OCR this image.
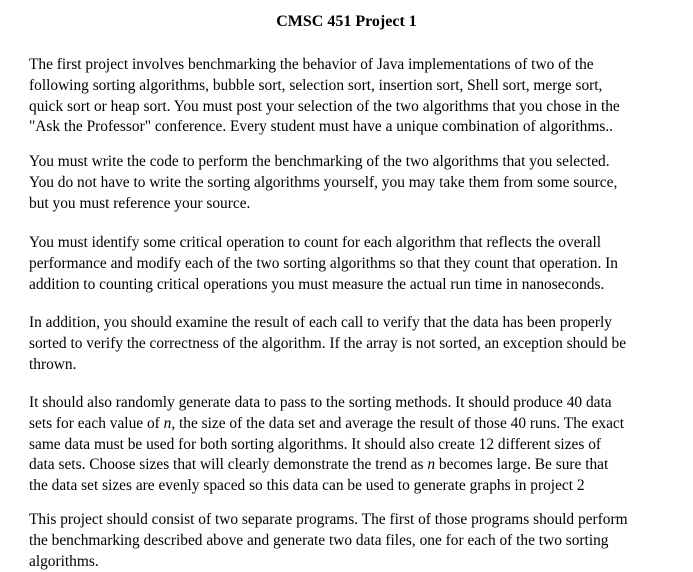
CMSC 451 Project 1

The first project involves benchmarking the behavior of Java implementations of two of the
following sorting algorithms, bubble sort, selection sort, insertion sort, Shell sort, merge sort,
quick sort or heap sort. You must post your selection of the two algorithms that you chose in the
"Ask the Professor" conference. Every student must have a unique combination of algorithms..

You must write the code to perform the benchmarking of the two algorithms that you selected.
You do not have to write the sorting algorithms yourself, you may take them from some source,
but you must reference your source.

You must identify some critical operation to count for each algorithm that reflects the overall
performance and modify each of the two sorting algorithms so that they count that operation. In
addition to counting critical operations you must measure the actual run time in nanoseconds.

In addition, you should examine the result of each call to verify that the data has been properly
sorted to verify the correctness of the algorithm. If the array is not sorted, an exception should be
thrown.

It should also randomly generate data to pass to the sorting methods. It should produce 40 data
sets for each value of n, the size of the data set and average the result of those 40 runs. The exact
same data must be used for both sorting algorithms. It should also create 12 different sizes of
data sets. Choose sizes that will clearly demonstrate the trend as n becomes large. Be sure that
the data set sizes are evenly spaced so this data can be used to generate graphs in project 2

This project should consist of two separate programs. The first of those programs should perform
the benchmarking described above and generate two data files, one for each of the two sorting
algorithms.
